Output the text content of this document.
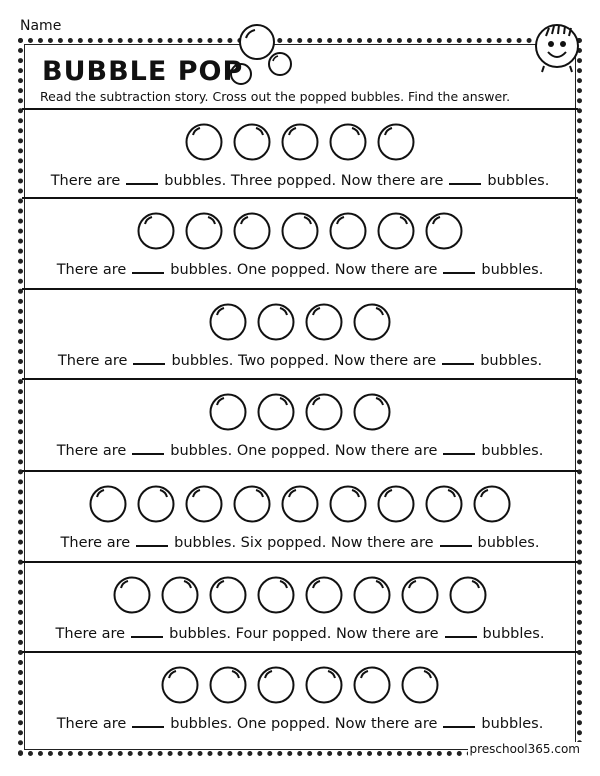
Name
BUBBLE POP
Read the subtraction story. Cross out the popped bubbles. Find the answer.
There are	bubbles. Three popped. Now there are	bubbles.
There are	bubbles. One popped. Now there are	bubbles.
There are	bubbles. Two popped. Now there are	bubbles.
There are	bubbles. One popped. Now there are	bubbles.
There are	bubbles. Six popped. Now there are	bubbles.
There are	bubbles. Four popped. Now there are	bubbles.
There are	bubbles. One popped. Now there are	bubbles.
preschool365.com
